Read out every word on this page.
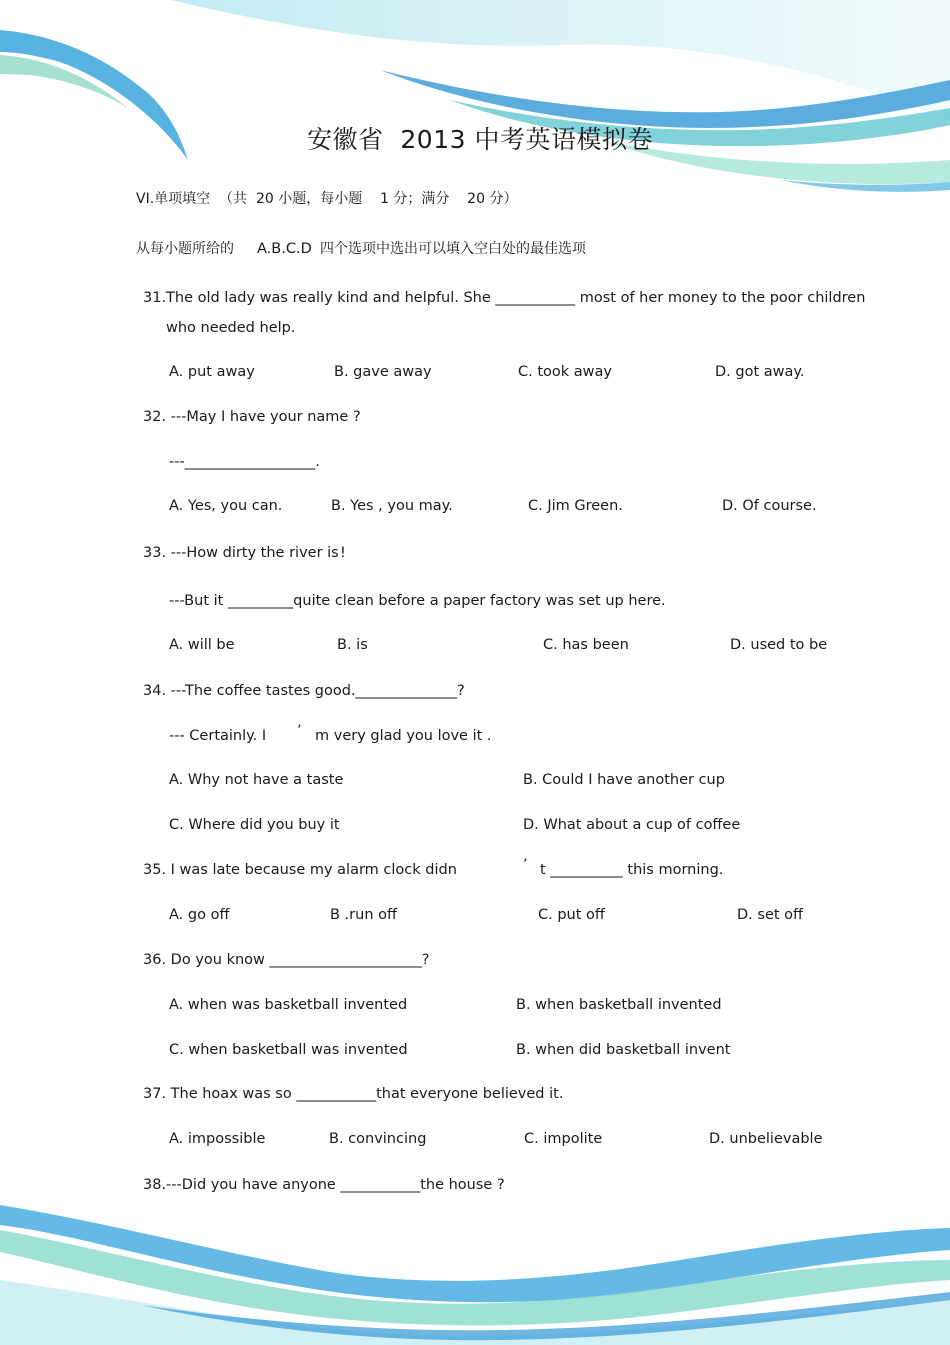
安徽省  2013 中考英语模拟卷
VI.单项填空  （共  20 小题，每小题    1 分；满分    20 分）
从每小题所给的 A.B.C.D 四个选项中选出可以填入空白处的最佳选项
31.The old lady was really kind and helpful. She ___________ most of her money to the poor children
who needed help.
A. put away	B. gave away	C. took away	D. got away.
32. ---May I have your name ?
---__________________.
A. Yes, you can.	B. Yes , you may.	C. Jim Green.	D. Of course.
33. ---How dirty the river is !
---But it _________quite clean before a paper factory was set up here.
A. will be	B. is	C. has been	D. used to be
34. ---The coffee tastes good.______________?
--- Certainly. I ’ m very glad you love it .
A. Why not have a taste	B. Could I have another cup
C. Where did you buy it	D. What about a cup of coffee
35. I was late because my alarm clock didn	’ t __________ this morning.
A. go off	B .run off	C. put off	D. set off
36. Do you know _____________________?
A. when was basketball invented	B. when basketball invented
C. when basketball was invented	B. when did basketball invent
37. The hoax was so ___________that everyone believed it.
A. impossible	B. convincing	C. impolite	D. unbelievable
38.---Did you have anyone ___________the house ?
